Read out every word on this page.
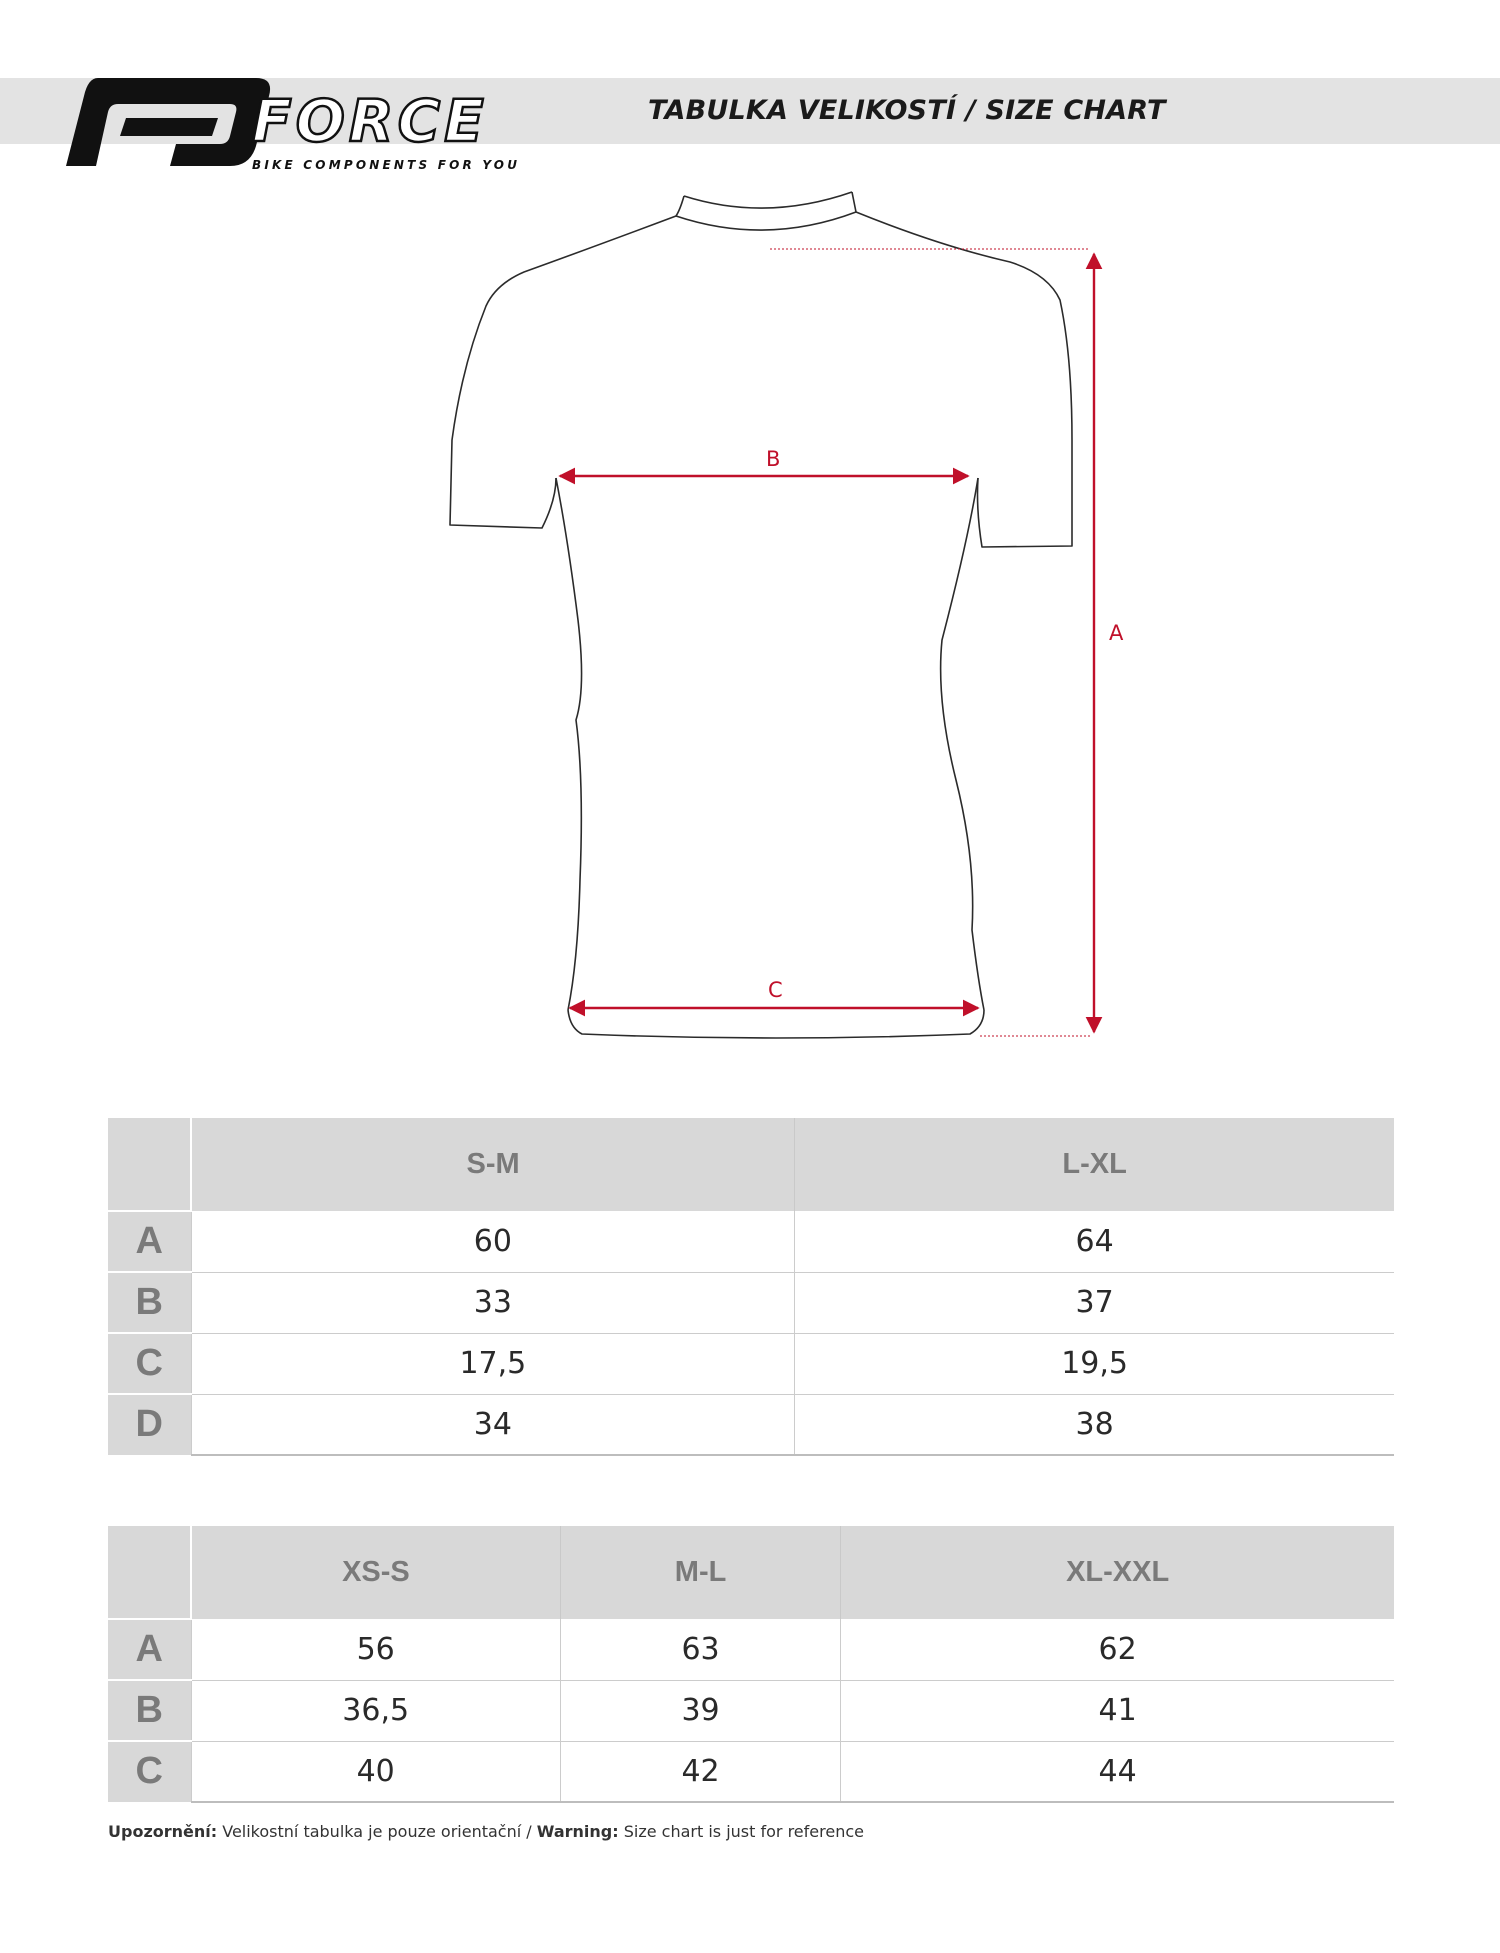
TABULKA VELIKOSTÍ / SIZE CHART
FORCE
BIKE COMPONENTS FOR YOU
A
B
C
	S-M	L-XL
A	60	64
B	33	37
C	17,5	19,5
D	34	38
	XS-S	M-L	XL-XXL
A	56	63	62
B	36,5	39	41
C	40	42	44
Upozornění: Velikostní tabulka je pouze orientační / Warning: Size chart is just for reference
